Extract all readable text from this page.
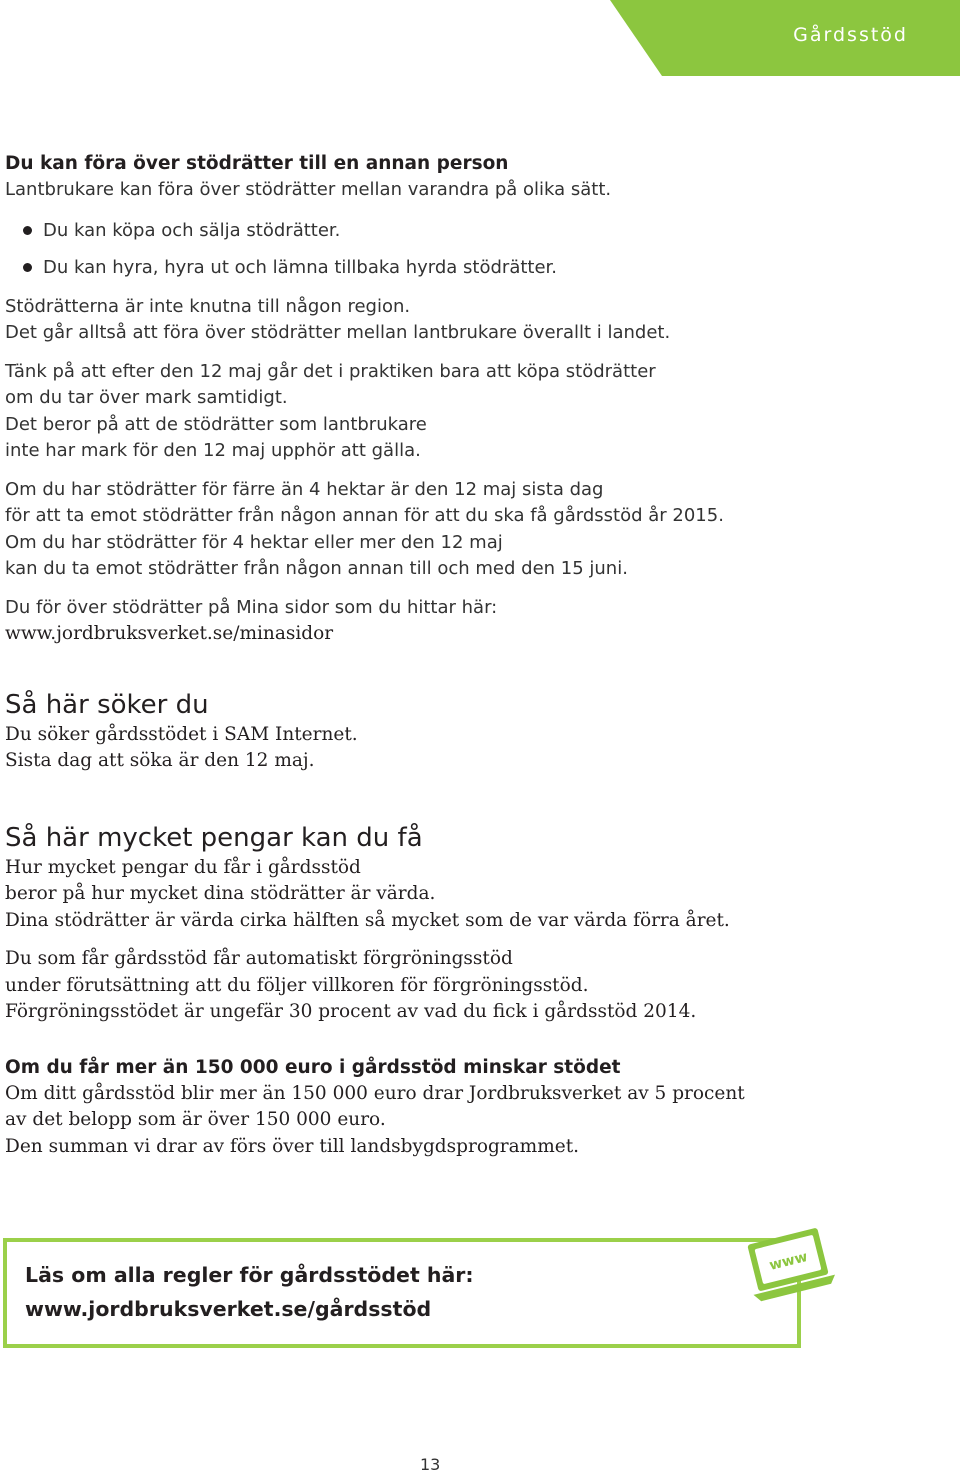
Gårdsstöd
Du kan föra över stödrätter till en annan person

Lantbrukare kan föra över stödrätter mellan varandra på olika sätt.

Du kan köpa och sälja stödrätter.
Du kan hyra, hyra ut och lämna tillbaka hyrda stödrätter.

Stödrätterna är inte knutna till någon region.

Det går alltså att föra över stödrätter mellan lantbrukare överallt i landet.

Tänk på att efter den 12 maj går det i praktiken bara att köpa stödrätter

om du tar över mark samtidigt.

Det beror på att de stödrätter som lantbrukare

inte har mark för den 12 maj upphör att gälla.

Om du har stödrätter för färre än 4 hektar är den 12 maj sista dag

för att ta emot stödrätter från någon annan för att du ska få gårdsstöd år 2015.

Om du har stödrätter för 4 hektar eller mer den 12 maj

kan du ta emot stödrätter från någon annan till och med den 15 juni.

Du för över stödrätter på Mina sidor som du hittar här:

www.jordbruksverket.se/minasidor

Så här söker du

Du söker gårdsstödet i SAM Internet.

Sista dag att söka är den 12 maj.

Så här mycket pengar kan du få

Hur mycket pengar du får i gårdsstöd

beror på hur mycket dina stödrätter är värda.

Dina stödrätter är värda cirka hälften så mycket som de var värda förra året.

Du som får gårdsstöd får automatiskt förgröningsstöd

under förutsättning att du följer villkoren för förgröningsstöd.

Förgröningsstödet är ungefär 30 procent av vad du fick i gårdsstöd 2014.

Om du får mer än 150 000 euro i gårdsstöd minskar stödet

Om ditt gårdsstöd blir mer än 150 000 euro drar Jordbruksverket av 5 procent

av det belopp som är över 150 000 euro.

Den summan vi drar av förs över till landsbygdsprogrammet.

Läs om alla regler för gårdsstödet här:
www.jordbruksverket.se/gårdsstöd
www
13
